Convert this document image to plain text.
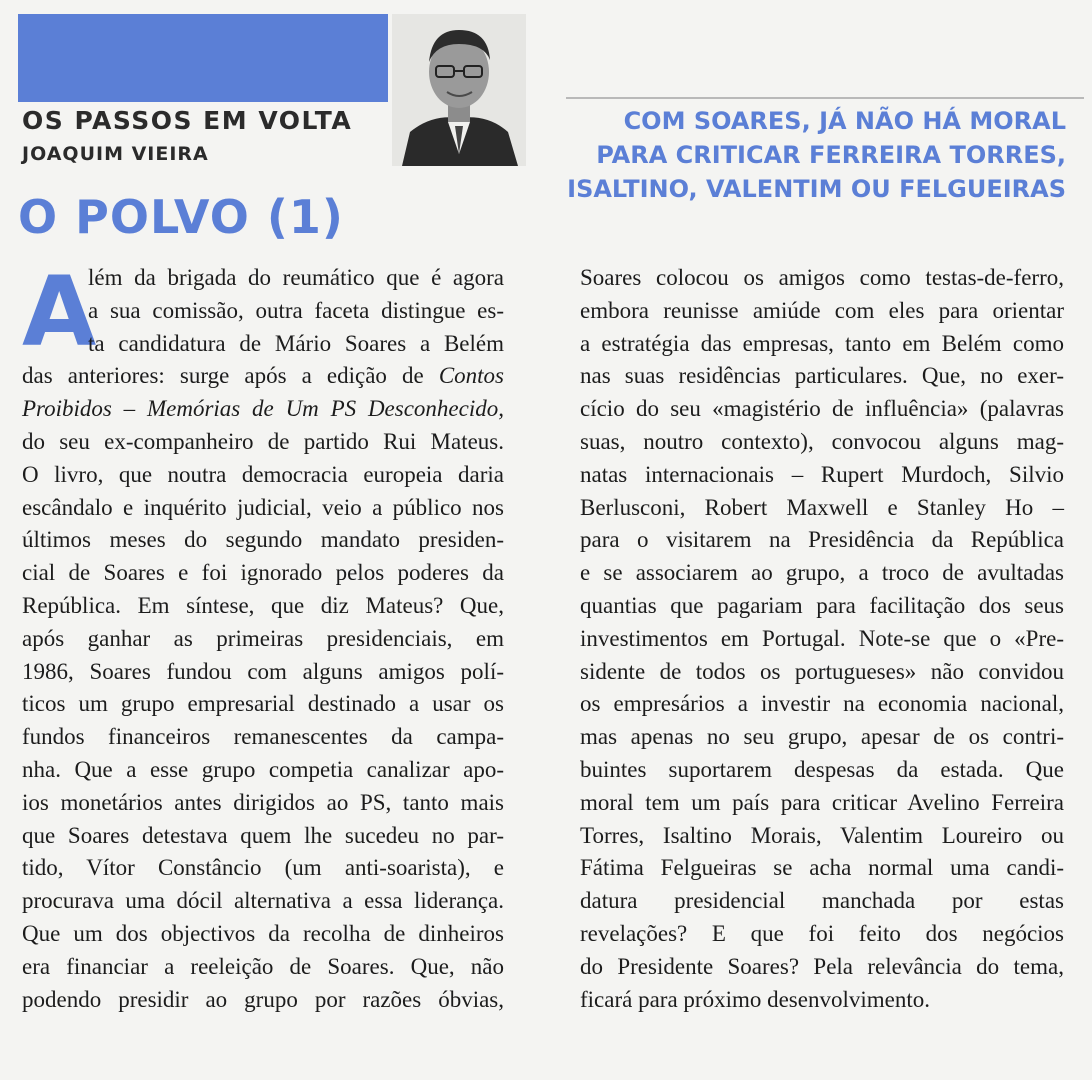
OS PASSOS EM VOLTA
JOAQUIM VIEIRA
O POLVO (1)
COM SOARES, JÁ NÃO HÁ MORAL
PARA CRITICAR FERREIRA TORRES,
ISALTINO, VALENTIM OU FELGUEIRAS
A
lém da brigada do reumático que é agora
a sua comissão, outra faceta distingue es-
ta candidatura de Mário Soares a Belém
das anteriores: surge após a edição de Contos
Proibidos – Memórias de Um PS Desconhecido,
do seu ex-companheiro de partido Rui Mateus.
O livro, que noutra democracia europeia daria
escândalo e inquérito judicial, veio a público nos
últimos meses do segundo mandato presiden-
cial de Soares e foi ignorado pelos poderes da
República. Em síntese, que diz Mateus? Que,
após ganhar as primeiras presidenciais, em
1986, Soares fundou com alguns amigos polí-
ticos um grupo empresarial destinado a usar os
fundos financeiros remanescentes da campa-
nha. Que a esse grupo competia canalizar apo-
ios monetários antes dirigidos ao PS, tanto mais
que Soares detestava quem lhe sucedeu no par-
tido, Vítor Constâncio (um anti-soarista), e
procurava uma dócil alternativa a essa liderança.
Que um dos objectivos da recolha de dinheiros
era financiar a reeleição de Soares. Que, não
podendo presidir ao grupo por razões óbvias,
Soares colocou os amigos como testas-de-ferro,
embora reunisse amiúde com eles para orientar
a estratégia das empresas, tanto em Belém como
nas suas residências particulares. Que, no exer-
cício do seu «magistério de influência» (palavras
suas, noutro contexto), convocou alguns mag-
natas internacionais – Rupert Murdoch, Silvio
Berlusconi, Robert Maxwell e Stanley Ho –
para o visitarem na Presidência da República
e se associarem ao grupo, a troco de avultadas
quantias que pagariam para facilitação dos seus
investimentos em Portugal. Note-se que o «Pre-
sidente de todos os portugueses» não convidou
os empresários a investir na economia nacional,
mas apenas no seu grupo, apesar de os contri-
buintes suportarem despesas da estada. Que
moral tem um país para criticar Avelino Ferreira
Torres, Isaltino Morais, Valentim Loureiro ou
Fátima Felgueiras se acha normal uma candi-
datura presidencial manchada por estas
revelações? E que foi feito dos negócios
do Presidente Soares? Pela relevância do tema,
ficará para próximo desenvolvimento.
